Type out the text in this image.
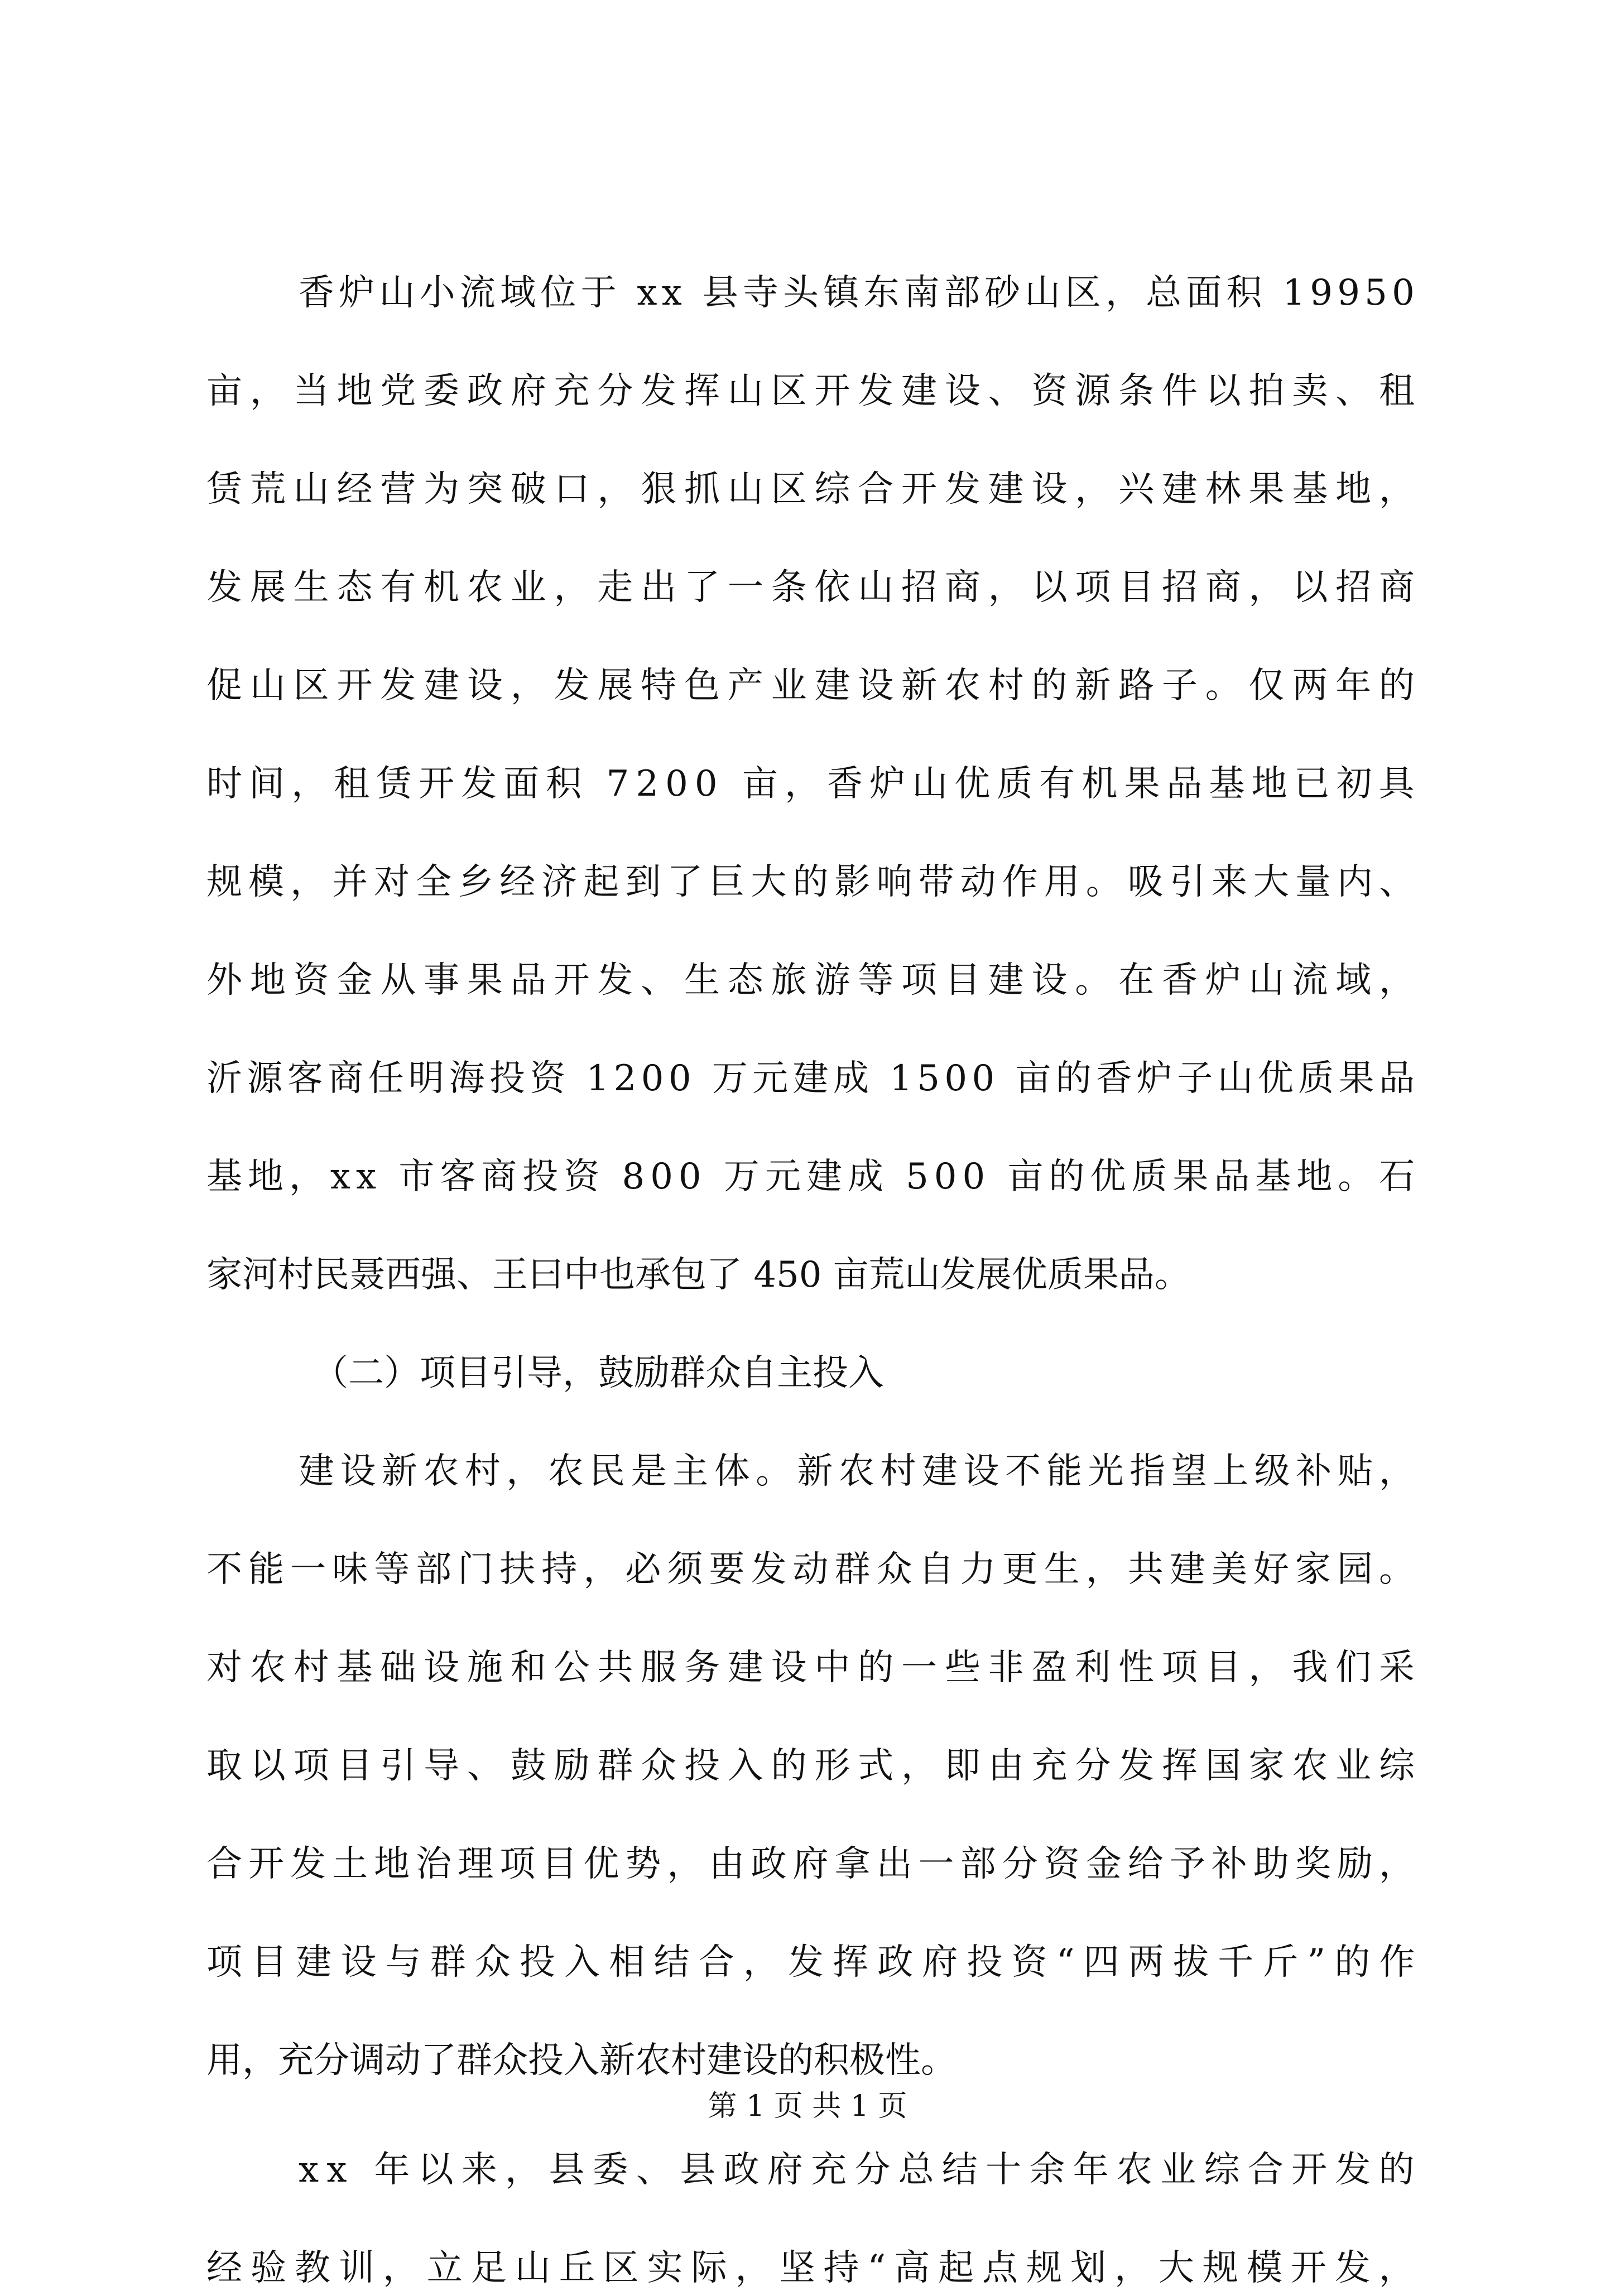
香炉山小流域位于 xx 县寺头镇东南部砂山区，总面积 19950
亩，当地党委政府充分发挥山区开发建设、资源条件以拍卖、租
赁荒山经营为突破口，狠抓山区综合开发建设，兴建林果基地，
发展生态有机农业，走出了一条依山招商，以项目招商，以招商
促山区开发建设，发展特色产业建设新农村的新路子。仅两年的
时间，租赁开发面积 7200 亩，香炉山优质有机果品基地已初具
规模，并对全乡经济起到了巨大的影响带动作用。吸引来大量内、
外地资金从事果品开发、生态旅游等项目建设。在香炉山流域，
沂源客商任明海投资 1200 万元建成 1500 亩的香炉子山优质果品
基地，xx 市客商投资 800 万元建成 500 亩的优质果品基地。石
家河村民聂西强、王曰中也承包了 450 亩荒山发展优质果品。
（二）项目引导，鼓励群众自主投入
建设新农村，农民是主体。新农村建设不能光指望上级补贴，
不能一味等部门扶持，必须要发动群众自力更生，共建美好家园。
对农村基础设施和公共服务建设中的一些非盈利性项目，我们采
取以项目引导、鼓励群众投入的形式，即由充分发挥国家农业综
合开发土地治理项目优势，由政府拿出一部分资金给予补助奖励，
项目建设与群众投入相结合，发挥政府投资“四两拔千斤”的作
用，充分调动了群众投入新农村建设的积极性。
xx 年以来，县委、县政府充分总结十余年农业综合开发的
经验教训，立足山丘区实际，坚持“高起点规划，大规模开发，
第 1 页 共 1 页
